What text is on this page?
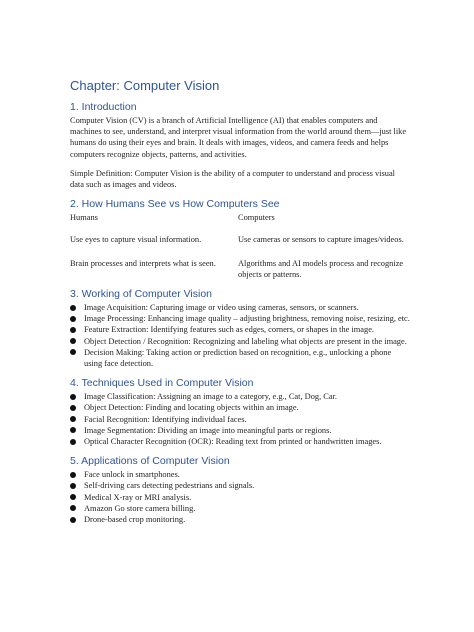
Chapter: Computer Vision
1. Introduction

Computer Vision (CV) is a branch of Artificial Intelligence (AI) that enables computers and machines to see, understand, and interpret visual information from the world around them—just like humans do using their eyes and brain. It deals with images, videos, and camera feeds and helps computers recognize objects, patterns, and activities.

Simple Definition: Computer Vision is the ability of a computer to understand and process visual data such as images and videos.

2. How Humans See vs How Computers See
Humans	Computers
Use eyes to capture visual information.	Use cameras or sensors to capture images/videos.
Brain processes and interprets what is seen.	Algorithms and AI models process and recognize objects or patterns.
3. Working of Computer Vision
Image Acquisition: Capturing image or video using cameras, sensors, or scanners.
Image Processing: Enhancing image quality – adjusting brightness, removing noise, resizing, etc.
Feature Extraction: Identifying features such as edges, corners, or shapes in the image.
Object Detection / Recognition: Recognizing and labeling what objects are present in the image.
Decision Making: Taking action or prediction based on recognition, e.g., unlocking a phone using face detection.
4. Techniques Used in Computer Vision
Image Classification: Assigning an image to a category, e.g., Cat, Dog, Car.
Object Detection: Finding and locating objects within an image.
Facial Recognition: Identifying individual faces.
Image Segmentation: Dividing an image into meaningful parts or regions.
Optical Character Recognition (OCR): Reading text from printed or handwritten images.
5. Applications of Computer Vision
Face unlock in smartphones.
Self-driving cars detecting pedestrians and signals.
Medical X-ray or MRI analysis.
Amazon Go store camera billing.
Drone-based crop monitoring.
